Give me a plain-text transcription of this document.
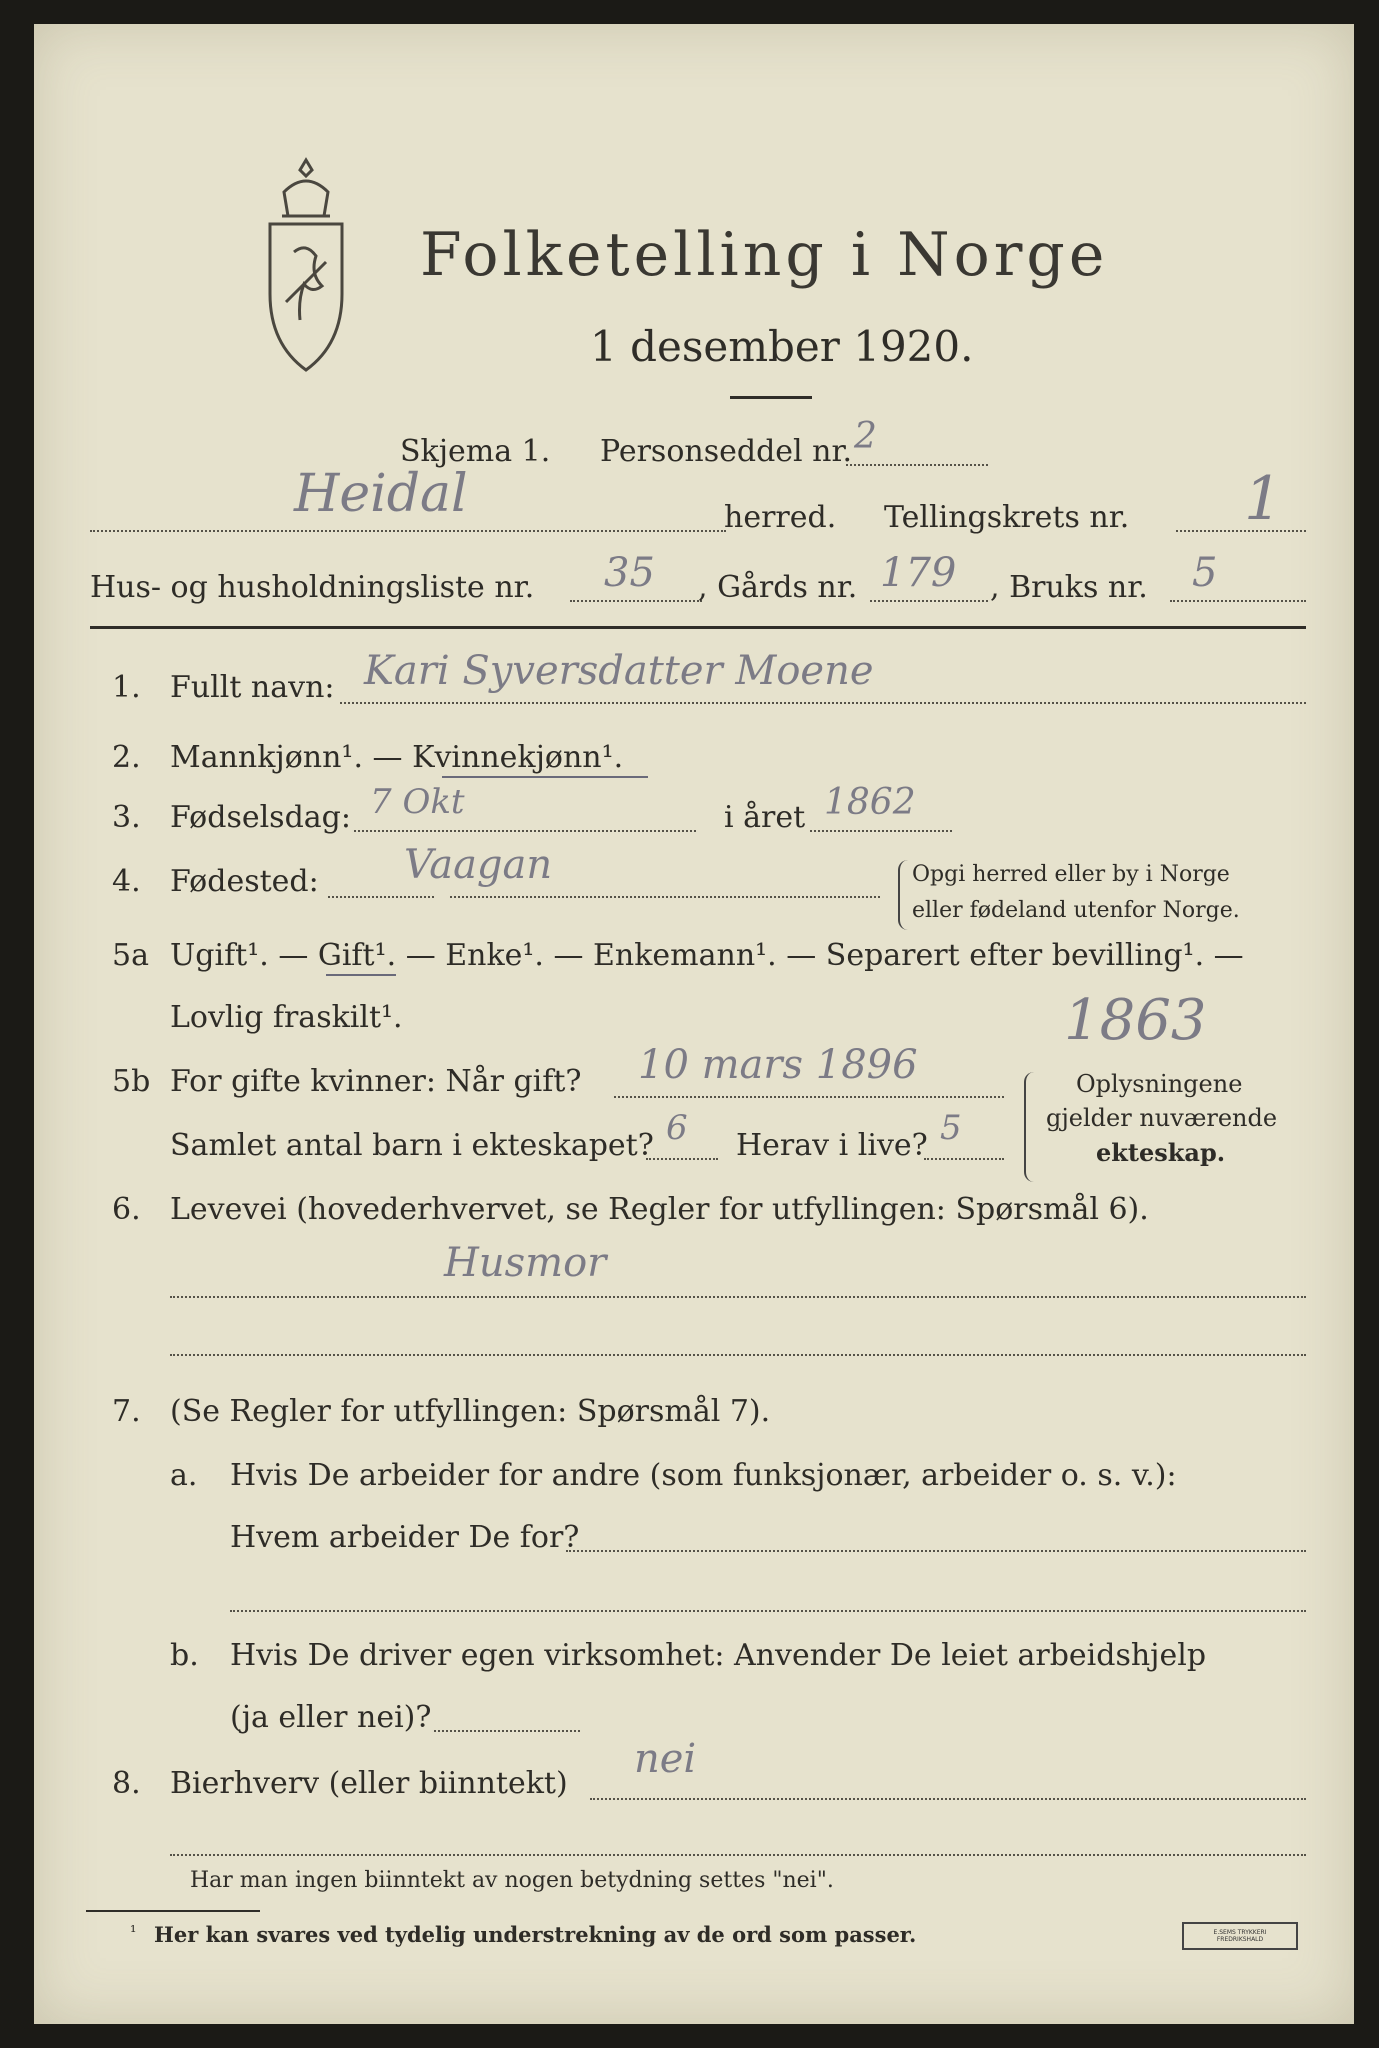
Folketelling i Norge
1 desember 1920.
Skjema 1. Personseddel nr. 2
Heidal	herred. Tellingskrets nr. 1
Hus- og husholdningsliste nr. 35 , Gårds nr. 179 , Bruks nr. 5
1. Fullt navn: Kari Syversdatter Moene
2. Mannkjønn¹. — Kvinnekjønn¹.
3. Fødselsdag: 7 Okt	i året 1862
4. Fødested: Vaagan	Opgi herred eller by i Norge
eller fødeland utenfor Norge.
5a Ugift¹. — Gift¹. — Enke¹. — Enkemann¹. — Separert efter bevilling¹. —
Lovlig fraskilt¹.
5b For gifte kvinner: Når gift? 10 mars 1896
1863
Samlet antal barn i ekteskapet? 6 Herav i live? 5
Oplysningene
gjelder nuværende
ekteskap.
6. Levevei (hovederhvervet, se Regler for utfyllingen: Spørsmål 6).
Husmor
7. (Se Regler for utfyllingen: Spørsmål 7).
a. Hvis De arbeider for andre (som funksjonær, arbeider o. s. v.):
Hvem arbeider De for?
b. Hvis De driver egen virksomhet: Anvender De leiet arbeidshjelp
(ja eller nei)?
8. Bierhverv (eller biinntekt)
nei
Har man ingen biinntekt av nogen betydning settes "nei".
¹ Her kan svares ved tydelig understrekning av de ord som passer.	E.SEMS TRYKKERI FREDRIKSHALD
